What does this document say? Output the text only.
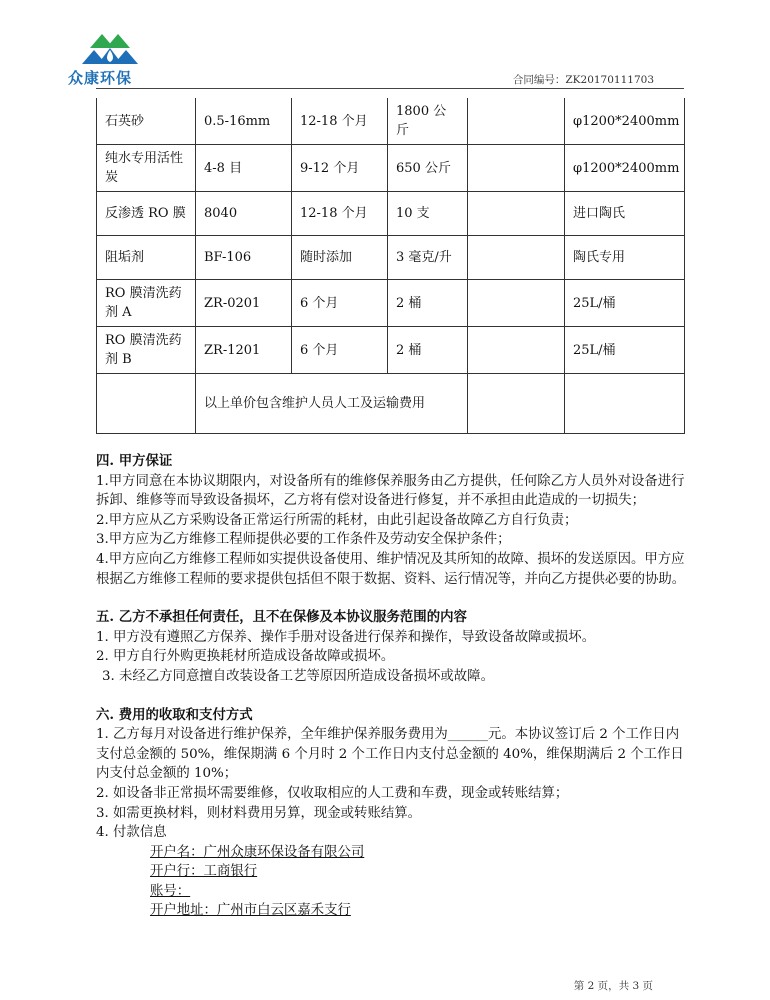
众康环保	合同编号：ZK20170111703
石英砂	0.5-16mm	12-18 个月	1800 公斤		φ1200*2400mm
纯水专用活性炭	4-8 目	9-12 个月	650 公斤		φ1200*2400mm
反渗透 RO 膜	8040	12-18 个月	10 支		进口陶氏
阻垢剂	BF-106	随时添加	3 毫克/升		陶氏专用
RO 膜清洗药剂 A	ZR-0201	6 个月	2 桶		25L/桶
RO 膜清洗药剂 B	ZR-1201	6 个月	2 桶		25L/桶
	以上单价包含维护人员人工及运输费用				
四. 甲方保证

1.甲方同意在本协议期限内，对设备所有的维修保养服务由乙方提供，任何除乙方人员外对设备进行拆卸、维修等而导致设备损坏，乙方将有偿对设备进行修复，并不承担由此造成的一切损失；

2.甲方应从乙方采购设备正常运行所需的耗材，由此引起设备故障乙方自行负责；

3.甲方应为乙方维修工程师提供必要的工作条件及劳动安全保护条件；

4.甲方应向乙方维修工程师如实提供设备使用、维护情况及其所知的故障、损坏的发送原因。甲方应根据乙方维修工程师的要求提供包括但不限于数据、资料、运行情况等，并向乙方提供必要的协助。

五. 乙方不承担任何责任，且不在保修及本协议服务范围的内容

1. 甲方没有遵照乙方保养、操作手册对设备进行保养和操作，导致设备故障或损坏。

2. 甲方自行外购更换耗材所造成设备故障或损坏。

3. 未经乙方同意擅自改装设备工艺等原因所造成设备损坏或故障。

六. 费用的收取和支付方式

1. 乙方每月对设备进行维护保养，全年维护保养服务费用为______元。本协议签订后 2 个工作日内支付总金额的 50%，维保期满 6 个月时 2 个工作日内支付总金额的 40%，维保期满后 2 个工作日内支付总金额的 10%；

2. 如设备非正常损坏需要维修，仅收取相应的人工费和车费，现金或转账结算；

3. 如需更换材料，则材料费用另算，现金或转账结算。

4. 付款信息

开户名：广州众康环保设备有限公司

开户行：工商银行

账号：

开户地址：广州市白云区嘉禾支行

第 2 页，共 3 页
